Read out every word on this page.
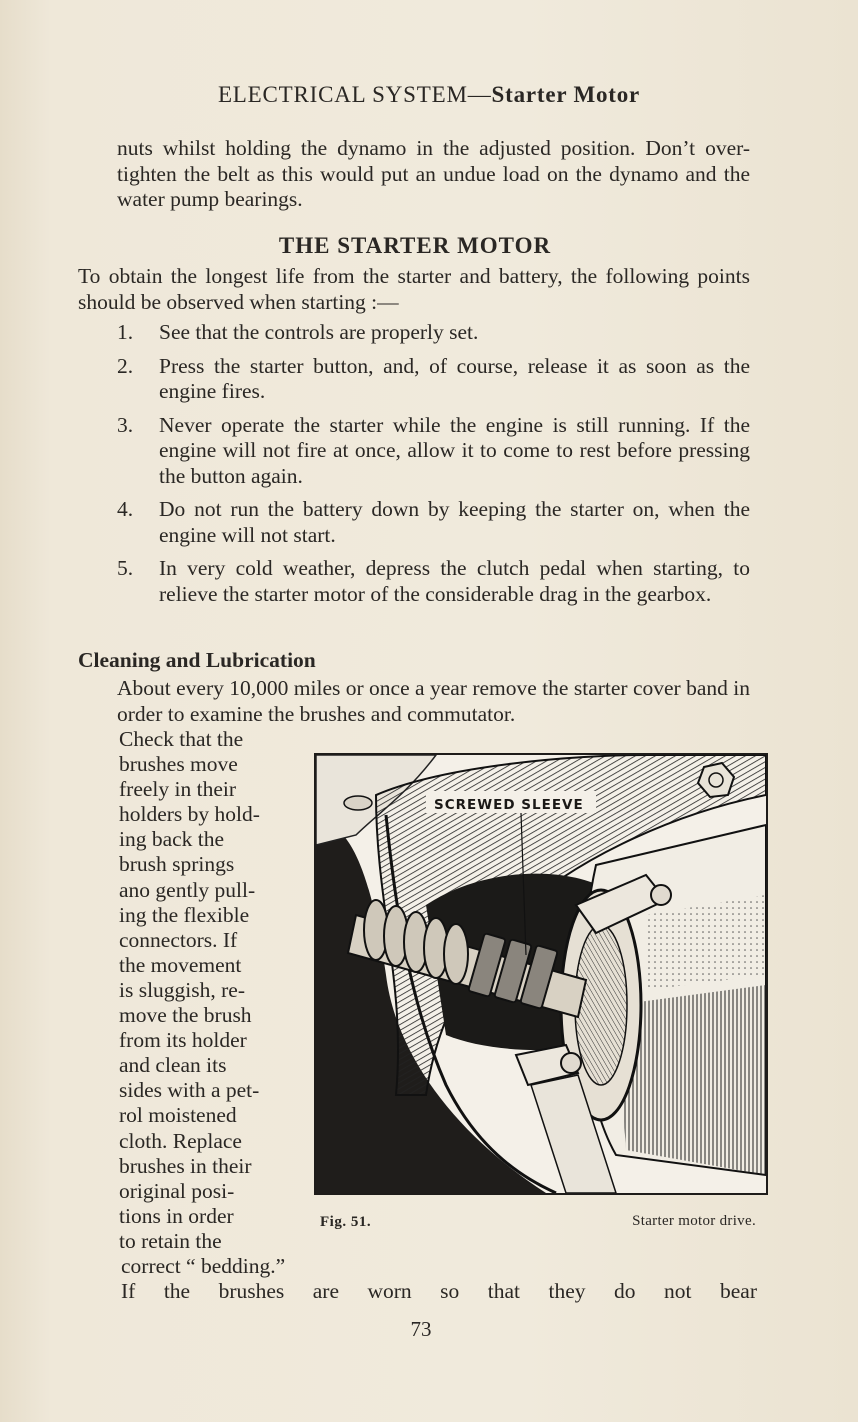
ELECTRICAL SYSTEM—Starter Motor
nuts whilst holding the dynamo in the adjusted position. Don’t over-tighten the belt as this would put an undue load on the dynamo and the water pump bearings.
THE STARTER MOTOR
To obtain the longest life from the starter and battery, the following points should be observed when starting :—
1.	See that the controls are properly set.
2.	Press the starter button, and, of course, release it as soon as the engine fires.
3.	Never operate the starter while the engine is still running. If the engine will not fire at once, allow it to come to rest before pressing the button again.
4.	Do not run the battery down by keeping the starter on, when the engine will not start.
5.	In very cold weather, depress the clutch pedal when starting, to relieve the starter motor of the considerable drag in the gearbox.
Cleaning and Lubrication
About every 10,000 miles or once a year remove the starter cover band in order to examine the brushes and commutator.
Check that the
brushes move
freely in their
holders by hold-
ing back the
brush springs
ano gently pull-
ing the flexible
connectors. If
the movement
is sluggish, re-
move the brush
from its holder
and clean its
sides with a pet-
rol moistened
cloth. Replace
brushes in their
original posi-
tions in order
to retain the
correct “ bedding.”
If the brushes are worn so that they do not bear
SCREWED SLEEVE
Fig. 51.	Starter motor drive.
73
